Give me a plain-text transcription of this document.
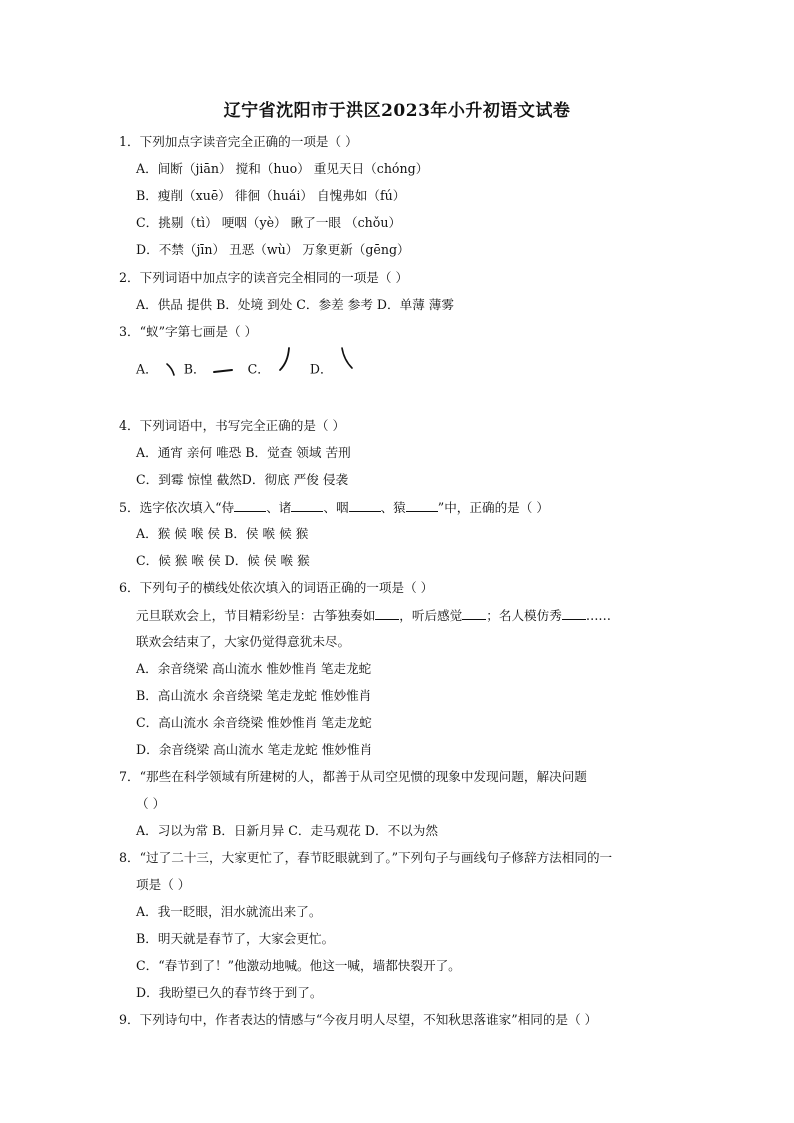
辽宁省沈阳市于洪区2023年小升初语文试卷
1．下列加点字读音完全正确的一项是（ ）
A．间断（jiān） 搅和（huo） 重见天日（chóng）
B．瘦削（xuē） 徘徊（huái） 自愧弗如（fú）
C．挑剔（tì） 哽咽（yè） 瞅了一眼 （chǒu）
D．不禁（jīn） 丑恶（wù） 万象更新（gēng）
2．下列词语中加点字的读音完全相同的一项是（ ）
A．供品 提供 B．处境 到处 C．参差 参考 D．单薄 薄雾
3．“蚁”字第七画是（ ）
A． B．	C．	D．
4．下列词语中，书写完全正确的是（ ）
A．通宵 亲何 唯恐 B．觉查 领域 苦刑
C．到霉 惊惶 截然D．彻底 严俊 侵袭
5．选字依次填入“侍	、诸	、咽	、猿	”中，正确的是（ ）
A．猴 候 喉 侯 B．侯 喉 候 猴
C．候 猴 喉 侯 D．候 侯 喉 猴
6．下列句子的横线处依次填入的词语正确的一项是（ ）
元旦联欢会上，节目精彩纷呈：古筝独奏如 ，听后感觉 ；名人模仿秀 ……
联欢会结束了，大家仍觉得意犹未尽。
A．余音绕梁 高山流水 惟妙惟肖 笔走龙蛇
B．高山流水 余音绕梁 笔走龙蛇 惟妙惟肖
C．高山流水 余音绕梁 惟妙惟肖 笔走龙蛇
D．余音绕梁 高山流水 笔走龙蛇 惟妙惟肖
7．“那些在科学领域有所建树的人，都善于从司空见惯的现象中发现问题，解决问题
（ ）
A．习以为常 B．日新月异 C．走马观花 D．不以为然
8．“过了二十三，大家更忙了，春节眨眼就到了。”下列句子与画线句子修辞方法相同的一
项是（ ）
A．我一眨眼，泪水就流出来了。
B．明天就是春节了，大家会更忙。
C．“春节到了！”他激动地喊。他这一喊，墙都快裂开了。
D．我盼望已久的春节终于到了。
9．下列诗句中，作者表达的情感与“今夜月明人尽望，不知秋思落谁家”相同的是（ ）
